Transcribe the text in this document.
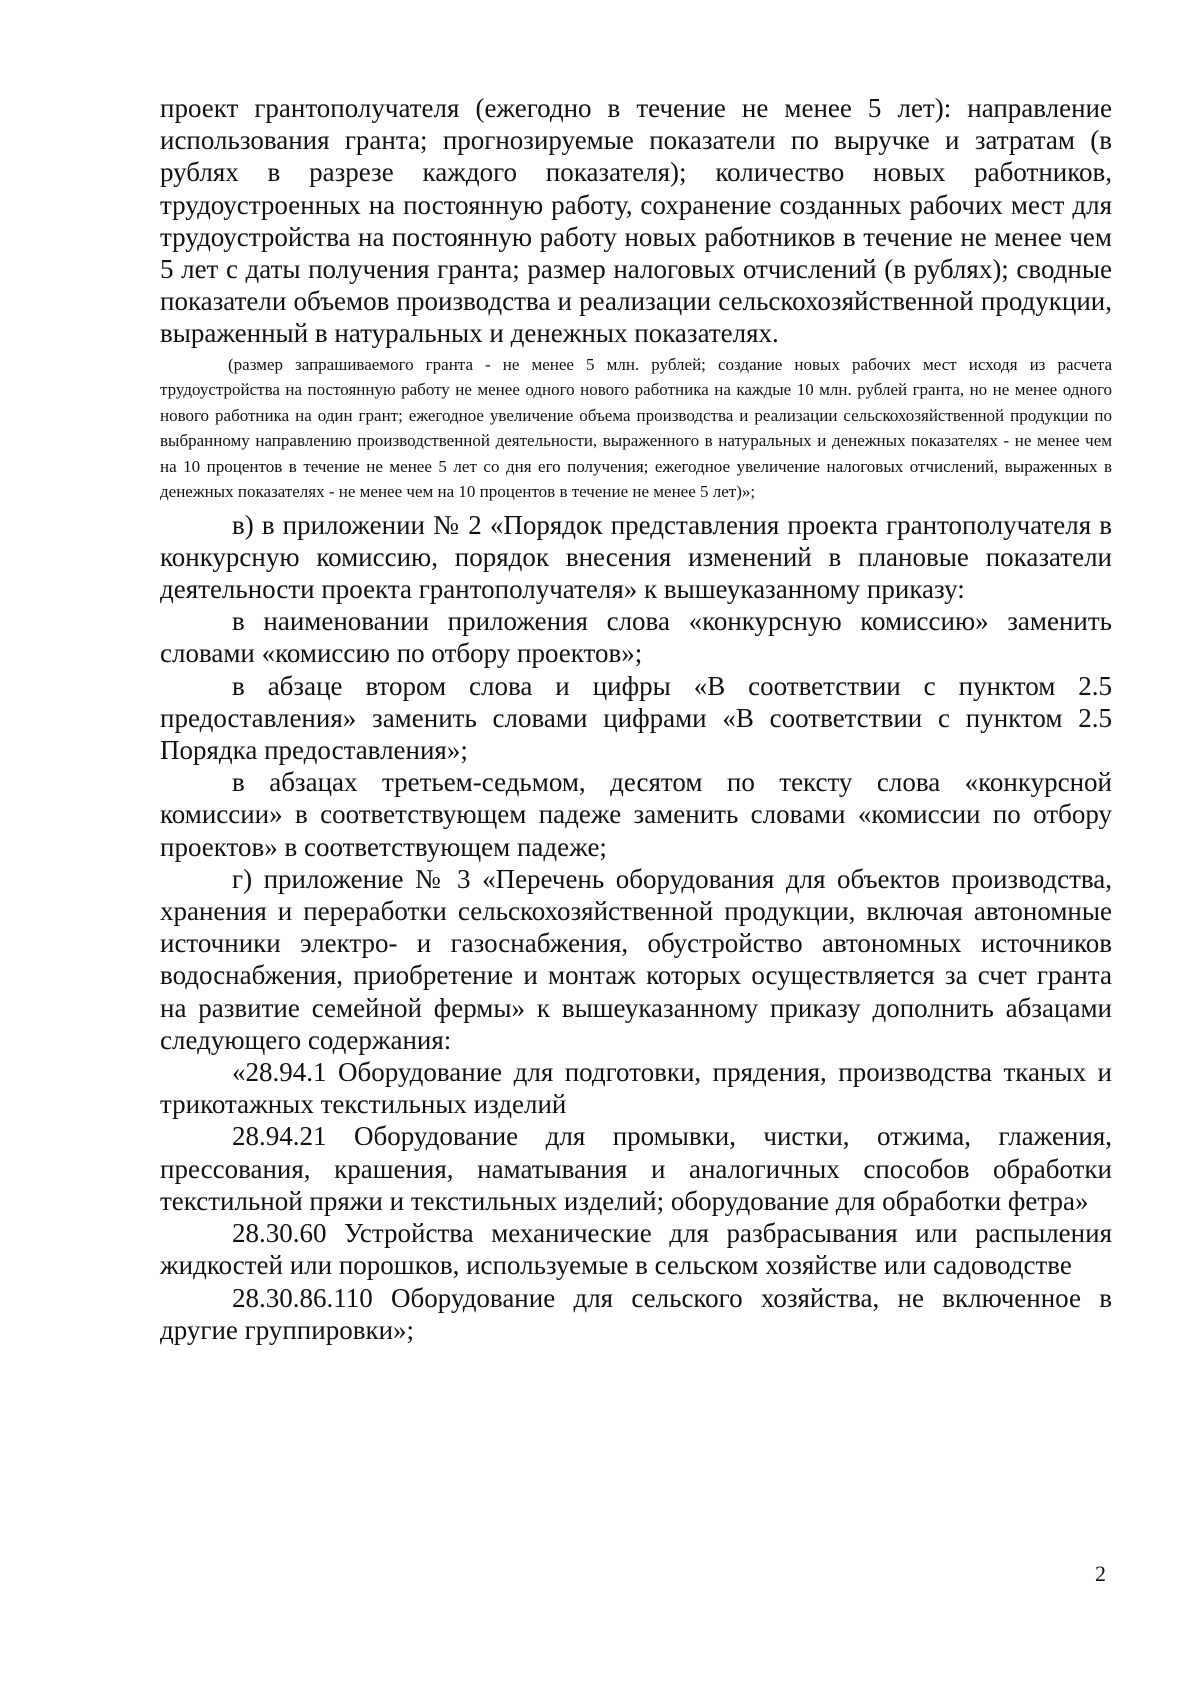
проект грантополучателя (ежегодно в течение не менее 5 лет): направление использования гранта; прогнозируемые показатели по выручке и затратам (в рублях в разрезе каждого показателя); количество новых работников, трудоустроенных на постоянную работу, сохранение созданных рабочих мест для трудоустройства на постоянную работу новых работников в течение не менее чем 5 лет с даты получения гранта; размер налоговых отчислений (в рублях); сводные показатели объемов производства и реализации сельскохозяйственной продукции, выраженный в натуральных и денежных показателях.

(размер запрашиваемого гранта - не менее 5 млн. рублей; создание новых рабочих мест исходя из расчета трудоустройства на постоянную работу не менее одного нового работника на каждые 10 млн. рублей гранта, но не менее одного нового работника на один грант; ежегодное увеличение объема производства и реализации сельскохозяйственной продукции по выбранному направлению производственной деятельности, выраженного в натуральных и денежных показателях - не менее чем на 10 процентов в течение не менее 5 лет со дня его получения; ежегодное увеличение налоговых отчислений, выраженных в денежных показателях - не менее чем на 10 процентов в течение не менее 5 лет)»;

в) в приложении № 2 «Порядок представления проекта грантополучателя в конкурсную комиссию, порядок внесения изменений в плановые показатели деятельности проекта грантополучателя» к вышеуказанному приказу:

в наименовании приложения слова «конкурсную комиссию» заменить словами «комиссию по отбору проектов»;

в абзаце втором слова и цифры «В соответствии с пунктом 2.5 предоставления» заменить словами цифрами «В соответствии с пунктом 2.5 Порядка предоставления»;

в абзацах третьем-седьмом, десятом по тексту слова «конкурсной комиссии» в соответствующем падеже заменить словами «комиссии по отбору проектов» в соответствующем падеже;

г) приложение № 3 «Перечень оборудования для объектов производства, хранения и переработки сельскохозяйственной продукции, включая автономные источники электро- и газоснабжения, обустройство автономных источников водоснабжения, приобретение и монтаж которых осуществляется за счет гранта на развитие семейной фермы» к вышеуказанному приказу дополнить абзацами следующего содержания:

«28.94.1 Оборудование для подготовки, прядения, производства тканых и трикотажных текстильных изделий

28.94.21 Оборудование для промывки, чистки, отжима, глажения, прессования, крашения, наматывания и аналогичных способов обработки текстильной пряжи и текстильных изделий; оборудование для обработки фетра»

28.30.60 Устройства механические для разбрасывания или распыления жидкостей или порошков, используемые в сельском хозяйстве или садоводстве

28.30.86.110 Оборудование для сельского хозяйства, не включенное в другие группировки»;

2
